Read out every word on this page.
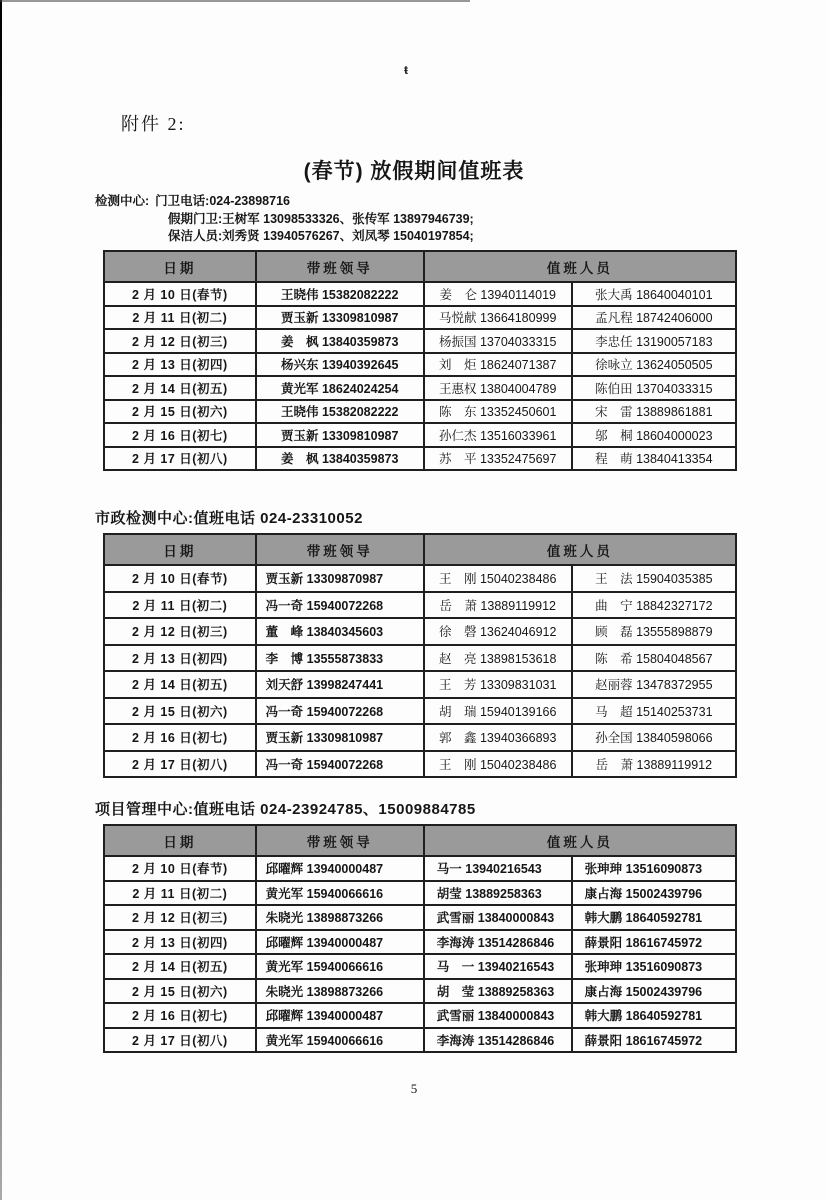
ŧ
附件 2:
(春节) 放假期间值班表
检测中心: 门卫电话:024-23898716
假期门卫:王树军 13098533326、张传军 13897946739;
保洁人员:刘秀贤 13940576267、刘凤琴 15040197854;
日期	带班领导	值班人员	
2 月 10 日(春节)	王晓伟 15382082222	姜　仑 13940114019	张大禹 18640040101
2 月 11 日(初二)	贾玉新 13309810987	马悦献 13664180999	孟凡程 18742406000
2 月 12 日(初三)	姜　枫 13840359873	杨振国 13704033315	李忠任 13190057183
2 月 13 日(初四)	杨兴东 13940392645	刘　炬 18624071387	徐咏立 13624050505
2 月 14 日(初五)	黄光军 18624024254	王惠权 13804004789	陈伯田 13704033315
2 月 15 日(初六)	王晓伟 15382082222	陈　东 13352450601	宋　雷 13889861881
2 月 16 日(初七)	贾玉新 13309810987	孙仁杰 13516033961	邬　桐 18604000023
2 月 17 日(初八)	姜　枫 13840359873	苏　平 13352475697	程　萌 13840413354
市政检测中心:值班电话 024-23310052
日期	带班领导	值班人员	
2 月 10 日(春节)	贾玉新 13309870987	王　刚 15040238486	王　法 15904035385
2 月 11 日(初二)	冯一奇 15940072268	岳　萧 13889119912	曲　宁 18842327172
2 月 12 日(初三)	董　峰 13840345603	徐　磬 13624046912	顾　磊 13555898879
2 月 13 日(初四)	李　博 13555873833	赵　亮 13898153618	陈　希 15804048567
2 月 14 日(初五)	刘天舒 13998247441	王　芳 13309831031	赵丽蓉 13478372955
2 月 15 日(初六)	冯一奇 15940072268	胡　瑞 15940139166	马　超 15140253731
2 月 16 日(初七)	贾玉新 13309810987	郭　鑫 13940366893	孙全国 13840598066
2 月 17 日(初八)	冯一奇 15940072268	王　刚 15040238486	岳　萧 13889119912
项目管理中心:值班电话 024-23924785、15009884785
日期	带班领导	值班人员	
2 月 10 日(春节)	邱曜辉 13940000487	马一 13940216543	张珅珅 13516090873
2 月 11 日(初二)	黄光军 15940066616	胡莹 13889258363	康占海 15002439796
2 月 12 日(初三)	朱晓光 13898873266	武雪丽 13840000843	韩大鹏 18640592781
2 月 13 日(初四)	邱曜辉 13940000487	李海涛 13514286846	薛景阳 18616745972
2 月 14 日(初五)	黄光军 15940066616	马　一 13940216543	张珅珅 13516090873
2 月 15 日(初六)	朱晓光 13898873266	胡　莹 13889258363	康占海 15002439796
2 月 16 日(初七)	邱曜辉 13940000487	武雪丽 13840000843	韩大鹏 18640592781
2 月 17 日(初八)	黄光军 15940066616	李海涛 13514286846	薛景阳 18616745972
5
